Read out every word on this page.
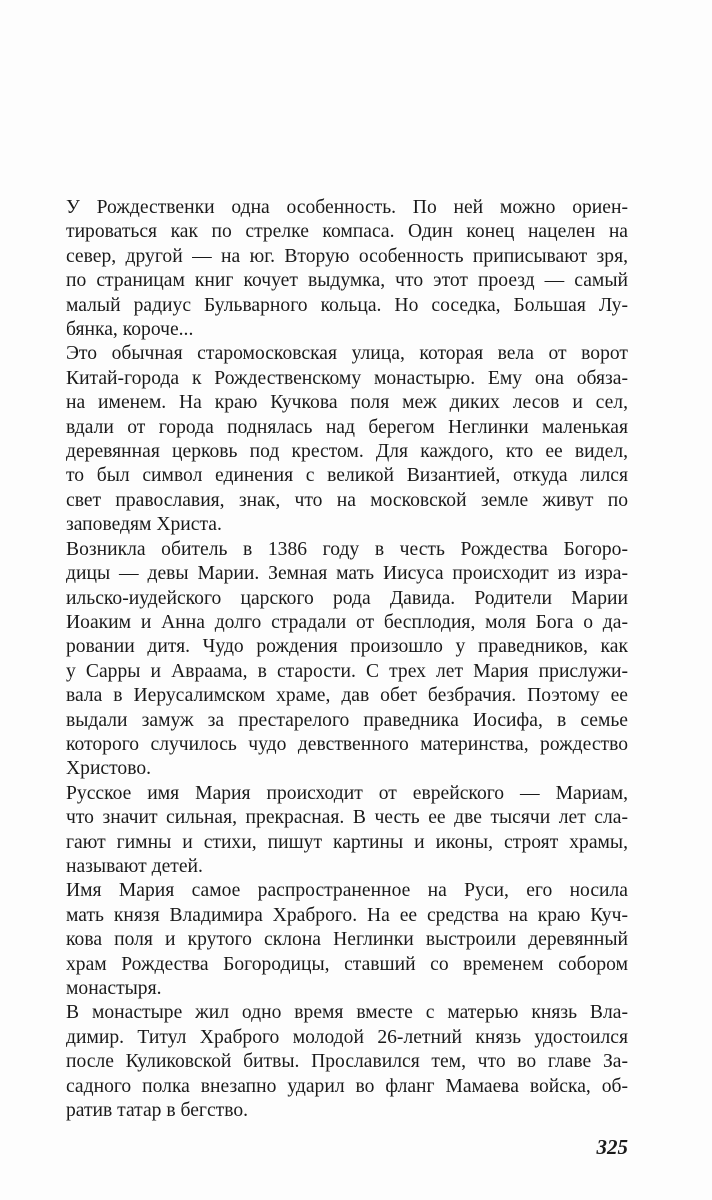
У Рождественки одна особенность. По ней можно ориен-
тироваться как по стрелке компаса. Один конец нацелен на
север, другой — на юг. Вторую особенность приписывают зря,
по страницам книг кочует выдумка, что этот проезд — самый
малый радиус Бульварного кольца. Но соседка, Большая Лу-
бянка, короче...

Это обычная старомосковская улица, которая вела от ворот
Китай-города к Рождественскому монастырю. Ему она обяза-
на именем. На краю Кучкова поля меж диких лесов и сел,
вдали от города поднялась над берегом Неглинки маленькая
деревянная церковь под крестом. Для каждого, кто ее видел,
то был символ единения с великой Византией, откуда лился
свет православия, знак, что на московской земле живут по
заповедям Христа.

Возникла обитель в 1386 году в честь Рождества Богоро-
дицы — девы Марии. Земная мать Иисуса происходит из изра-
ильско-иудейского царского рода Давида. Родители Марии
Иоаким и Анна долго страдали от бесплодия, моля Бога о да-
ровании дитя. Чудо рождения произошло у праведников, как
у Сарры и Авраама, в старости. С трех лет Мария прислужи-
вала в Иерусалимском храме, дав обет безбрачия. Поэтому ее
выдали замуж за престарелого праведника Иосифа, в семье
которого случилось чудо девственного материнства, рождество
Христово.

Русское имя Мария происходит от еврейского — Мариам,
что значит сильная, прекрасная. В честь ее две тысячи лет сла-
гают гимны и стихи, пишут картины и иконы, строят храмы,
называют детей.

Имя Мария самое распространенное на Руси, его носила
мать князя Владимира Храброго. На ее средства на краю Куч-
кова поля и крутого склона Неглинки выстроили деревянный
храм Рождества Богородицы, ставший со временем собором
монастыря.

В монастыре жил одно время вместе с матерью князь Вла-
димир. Титул Храброго молодой 26-летний князь удостоился
после Куликовской битвы. Прославился тем, что во главе За-
садного полка внезапно ударил во фланг Мамаева войска, об-
ратив татар в бегство.

325
